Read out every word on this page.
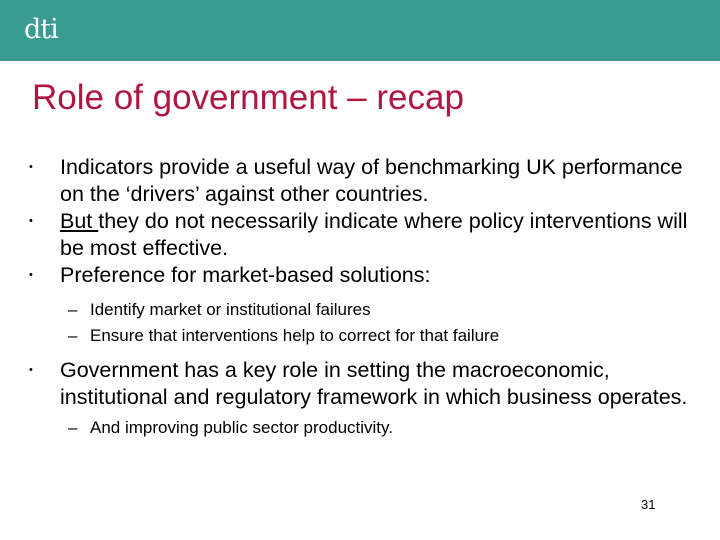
dti
Role of government – recap
• Indicators provide a useful way of benchmarking UK performance on the ‘drivers’ against other countries.
• But they do not necessarily indicate where policy interventions will be most effective.
• Preference for market-based solutions:
– Identify market or institutional failures
– Ensure that interventions help to correct for that failure
• Government has a key role in setting the macroeconomic, institutional and regulatory framework in which business operates.
– And improving public sector productivity.
31
